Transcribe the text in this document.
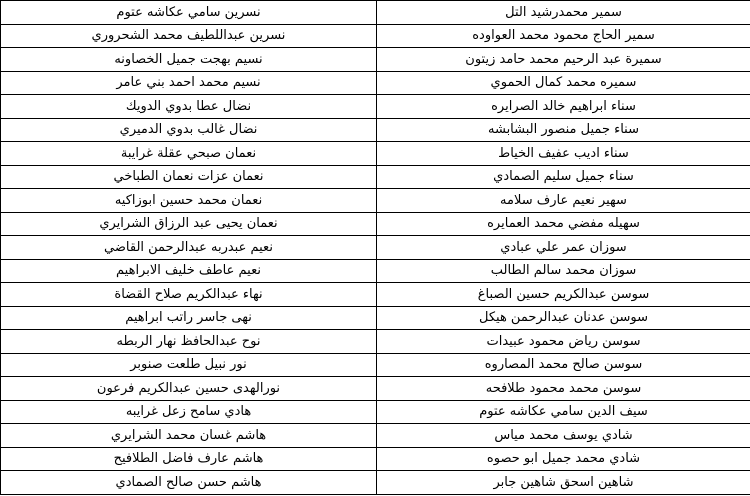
نسرين سامي عكاشه عتوم	سمير محمدرشيد التل
نسرين عبداللطيف محمد الشحروري	سمير الحاج محمود محمد العواوده
نسيم بهجت جميل الخصاونه	سميرة عبد الرحيم محمد حامد زيتون
نسيم محمد احمد بني عامر	سميره محمد كمال الحموي
نضال عطا بدوي الدويك	سناء ابراهيم خالد الصرايره
نضال غالب بدوي الدميري	سناء جميل منصور البشابشه
نعمان صبحي عقلة غرايبة	سناء اديب عفيف الخياط
نعمان عزات نعمان الطباخي	سناء جميل سليم الصمادي
نعمان محمد حسين ابوزاكيه	سهير نعيم عارف سلامه
نعمان يحيى عبد الرزاق الشرايري	سهيله مفضي محمد العمايره
نعيم عبدربه عبدالرحمن القاضي	سوزان عمر علي عبادي
نعيم عاطف خليف الابراهيم	سوزان محمد سالم الطالب
نهاء عبدالكريم صلاح القضاة	سوسن عبدالكريم حسين الصباغ
نهى جاسر راتب ابراهيم	سوسن عدنان عبدالرحمن هيكل
نوح عبدالحافظ نهار الربطه	سوسن رياض محمود عبيدات
نور نبيل طلعت صنوبر	سوسن صالح محمد المصاروه
نورالهدى حسين عبدالكريم فرعون	سوسن محمد محمود طلافحه
هادي سامح زعل غرايبه	سيف الدين سامي عكاشه عتوم
هاشم غسان محمد الشرايري	شادي يوسف محمد مياس
هاشم عارف فاضل الطلافيح	شادي محمد جميل ابو حصوه
هاشم حسن صالح الصمادي	شاهين اسحق شاهين جابر
